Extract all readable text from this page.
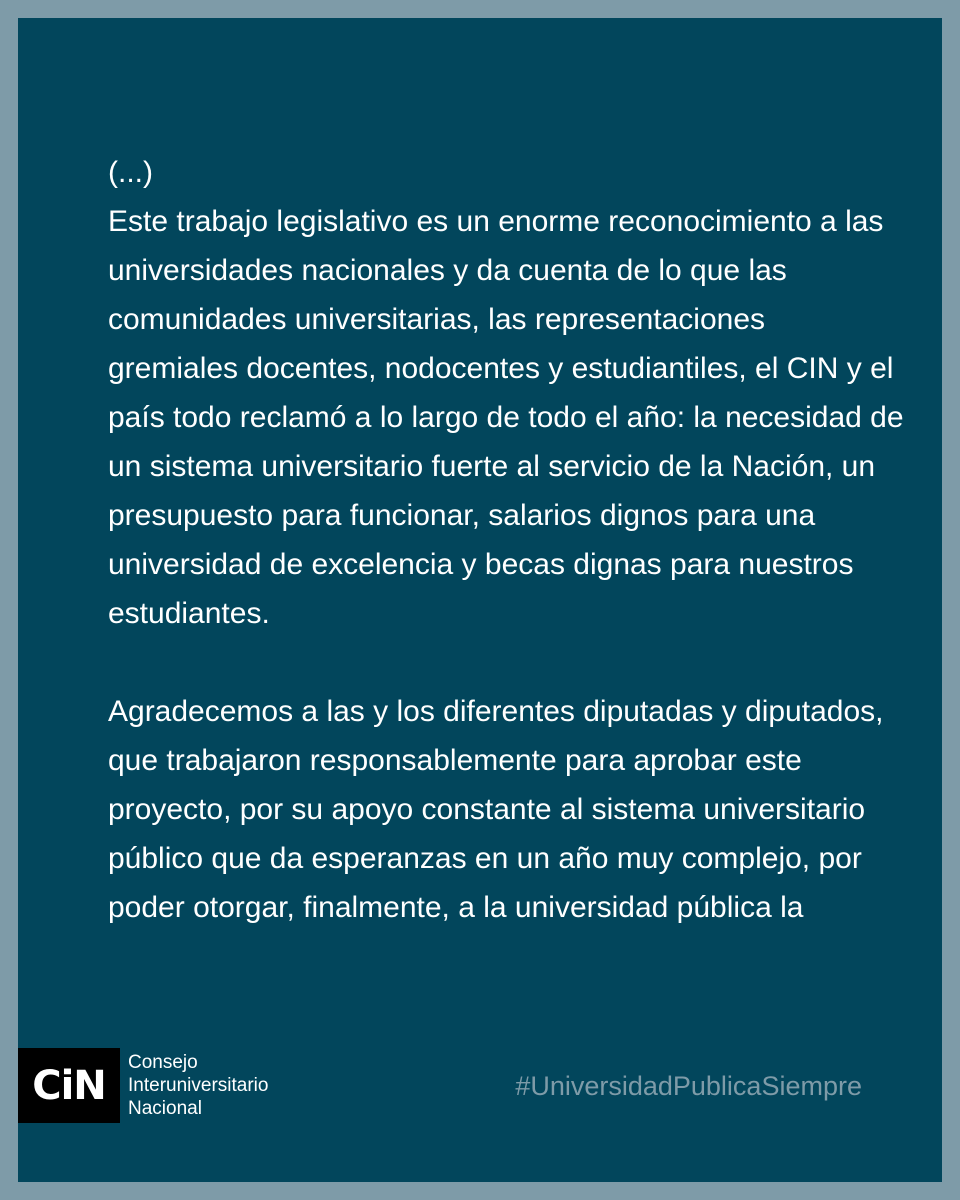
(...)
Este trabajo legislativo es un enorme reconocimiento a las
universidades nacionales y da cuenta de lo que las
comunidades universitarias, las representaciones
gremiales docentes, nodocentes y estudiantiles, el CIN y el
país todo reclamó a lo largo de todo el año: la necesidad de
un sistema universitario fuerte al servicio de la Nación, un
presupuesto para funcionar, salarios dignos para una
universidad de excelencia y becas dignas para nuestros
estudiantes.
Agradecemos a las y los diferentes diputadas y diputados,
que trabajaron responsablemente para aprobar este
proyecto, por su apoyo constante al sistema universitario
público que da esperanzas en un año muy complejo, por
poder otorgar, finalmente, a la universidad pública la
CiN	Consejo
Interuniversitario
Nacional
#UniversidadPublicaSiempre
